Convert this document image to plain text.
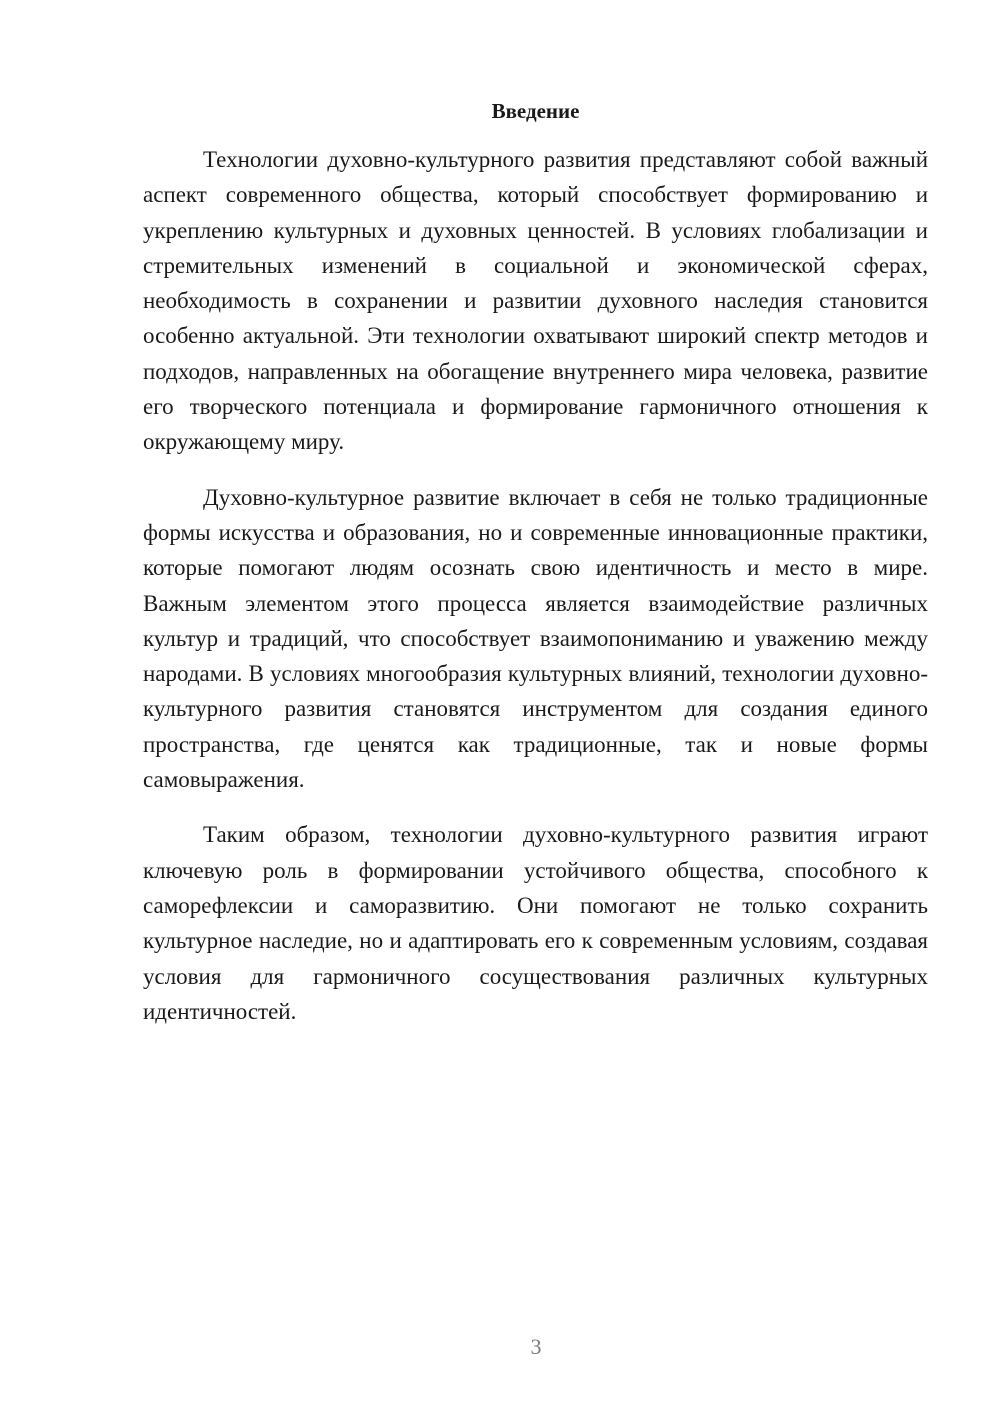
Введение

Технологии духовно-культурного развития представляют собой важный аспект современного общества, который способствует формированию и укреплению культурных и духовных ценностей. В условиях глобализации и стремительных изменений в социальной и экономической сферах, необходимость в сохранении и развитии духовного наследия становится особенно актуальной. Эти технологии охватывают широкий спектр методов и подходов, направленных на обогащение внутреннего мира человека, развитие его творческого потенциала и формирование гармоничного отношения к окружающему миру.

Духовно-культурное развитие включает в себя не только традиционные формы искусства и образования, но и современные инновационные практики, которые помогают людям осознать свою идентичность и место в мире. Важным элементом этого процесса является взаимодействие различных культур и традиций, что способствует взаимопониманию и уважению между народами. В условиях многообразия культурных влияний, технологии духовно-культурного развития становятся инструментом для создания единого пространства, где ценятся как традиционные, так и новые формы самовыражения.

Таким образом, технологии духовно-культурного развития играют ключевую роль в формировании устойчивого общества, способного к саморефлексии и саморазвитию. Они помогают не только сохранить культурное наследие, но и адаптировать его к современным условиям, создавая условия для гармоничного сосуществования различных культурных идентичностей.

3
